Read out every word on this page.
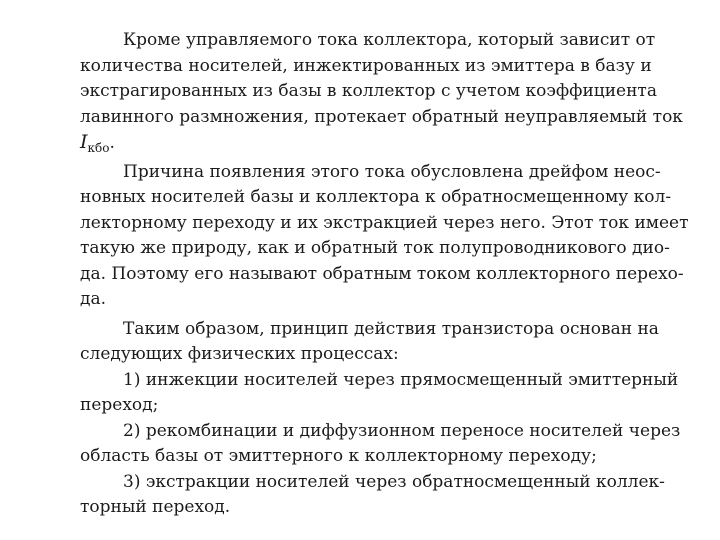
Кроме управляемого тока коллектора, который зависит от
количества носителей, инжектированных из эмиттера в базу и
экстрагированных из базы в коллектор с учетом коэффициента
лавинного размножения, протекает обратный неуправляемый ток
$I_{кбо}$.
Причина появления этого тока обусловлена дрейфом неос-
новных носителей базы и коллектора к обратносмещенному кол-
лекторному переходу и их экстракцией через него. Этот ток имеет
такую же природу, как и обратный ток полупроводникового дио-
да. Поэтому его называют обратным током коллекторного перехо-
да.
Таким образом, принцип действия транзистора основан на
следующих физических процессах:
1) инжекции носителей через прямосмещенный эмиттерный
переход;
2) рекомбинации и диффузионном переносе носителей через
область базы от эмиттерного к коллекторному переходу;
3) экстракции носителей через обратносмещенный коллек-
торный переход.
